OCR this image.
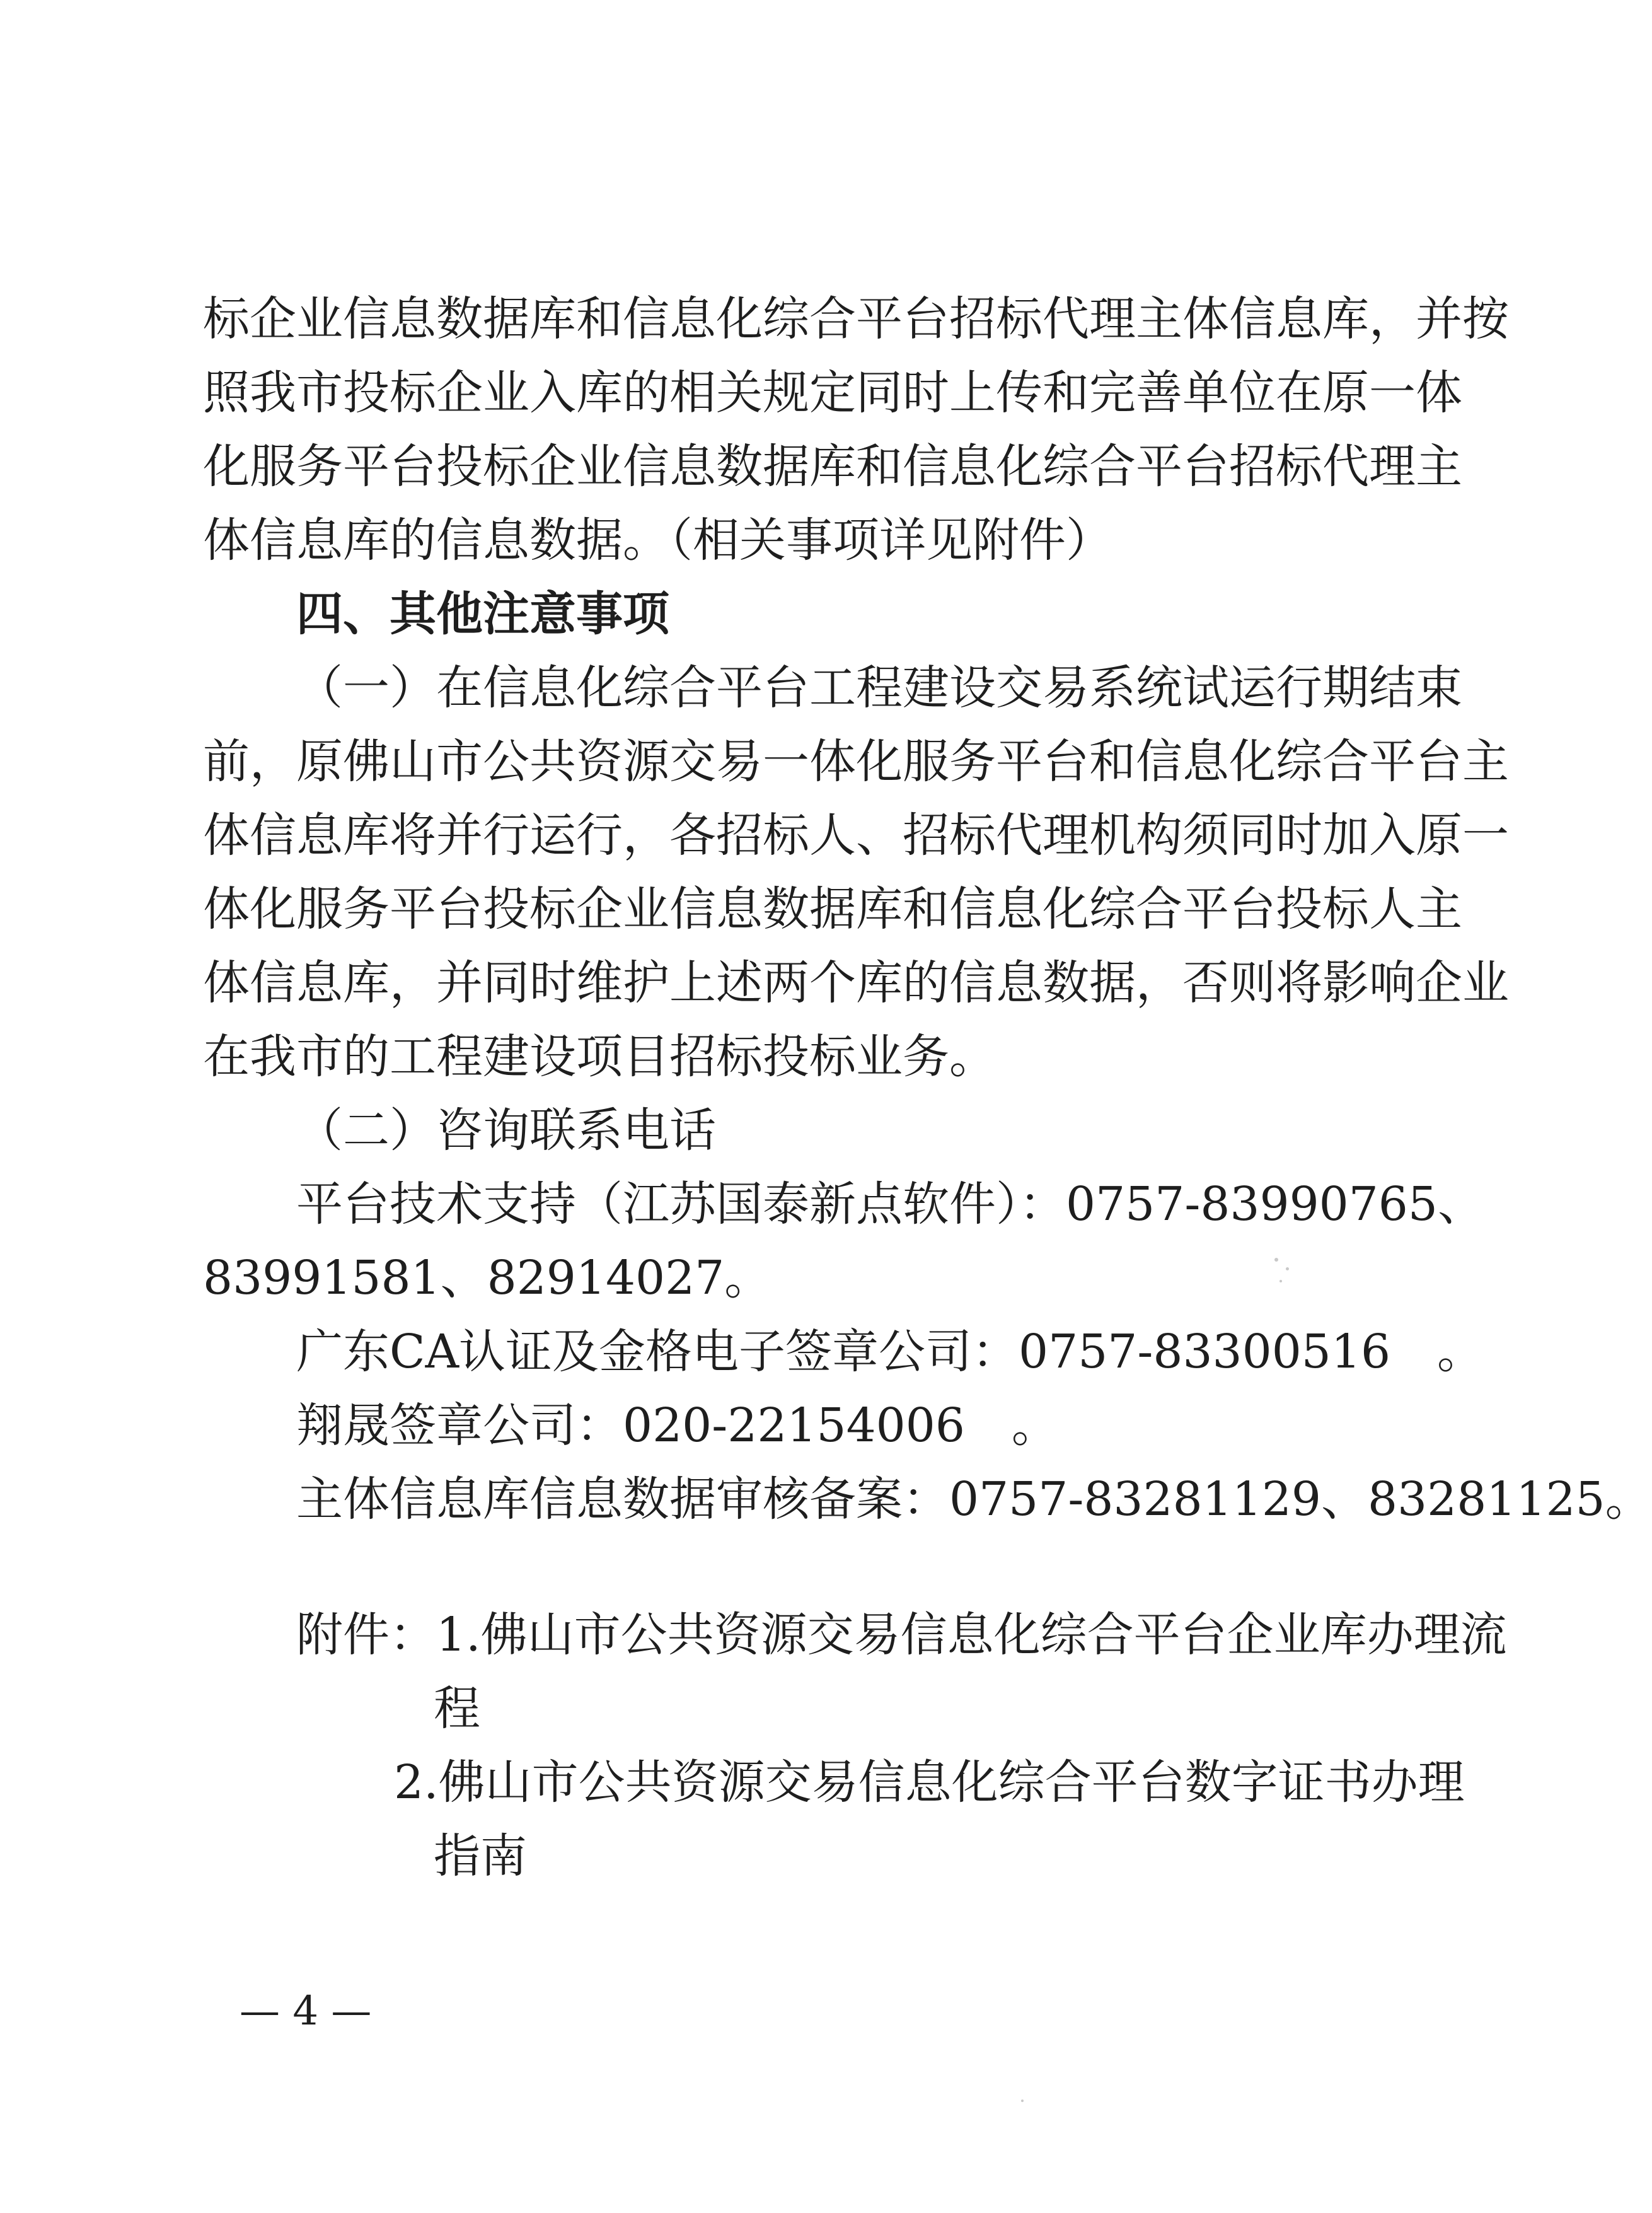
标企业信息数据库和信息化综合平台招标代理主体信息库，并按
照我市投标企业入库的相关规定同时上传和完善单位在原一体
化服务平台投标企业信息数据库和信息化综合平台招标代理主
体信息库的信息数据。（相关事项详见附件）
四、其他注意事项
（一）在信息化综合平台工程建设交易系统试运行期结束
前，原佛山市公共资源交易一体化服务平台和信息化综合平台主
体信息库将并行运行，各招标人、招标代理机构须同时加入原一
体化服务平台投标企业信息数据库和信息化综合平台投标人主
体信息库，并同时维护上述两个库的信息数据，否则将影响企业
在我市的工程建设项目招标投标业务。
（二）咨询联系电话
平台技术支持（江苏国泰新点软件）：0757-83990765、
83991581、82914027。
广东CA认证及金格电子签章公司：0757-83300516　。
翔晟签章公司：020-22154006　。
主体信息库信息数据审核备案：0757-83281129、83281125。
附件：1.佛山市公共资源交易信息化综合平台企业库办理流
程
2.佛山市公共资源交易信息化综合平台数字证书办理
指南
— 4 —
